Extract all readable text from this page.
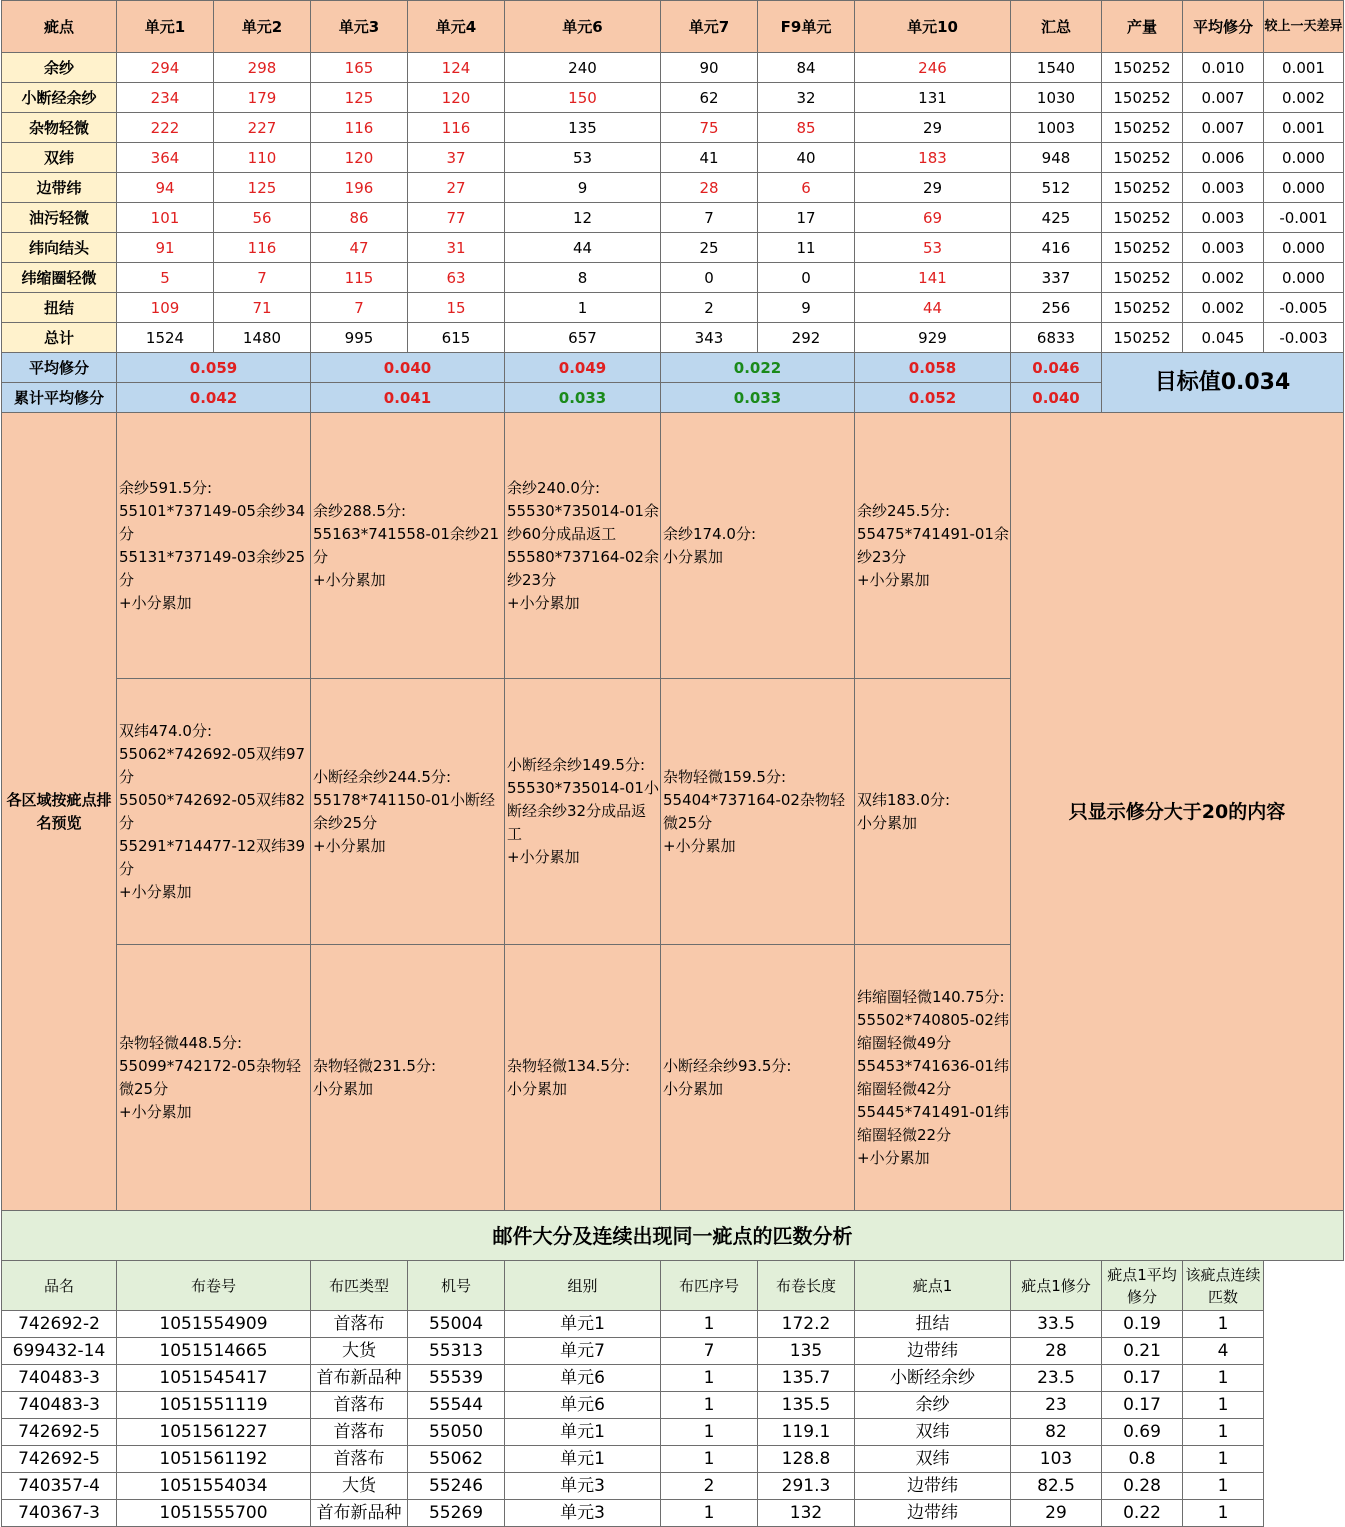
疵点	单元1	单元2	单元3	单元4	单元6	单元7	F9单元	单元10	汇总	产量	平均修分	较上一天差异
余纱	294	298	165	124	240	90	84	246	1540	150252	0.010	0.001
小断经余纱	234	179	125	120	150	62	32	131	1030	150252	0.007	0.002
杂物轻微	222	227	116	116	135	75	85	29	1003	150252	0.007	0.001
双纬	364	110	120	37	53	41	40	183	948	150252	0.006	0.000
边带纬	94	125	196	27	9	28	6	29	512	150252	0.003	0.000
油污轻微	101	56	86	77	12	7	17	69	425	150252	0.003	-0.001
纬向结头	91	116	47	31	44	25	11	53	416	150252	0.003	0.000
纬缩圈轻微	5	7	115	63	8	0	0	141	337	150252	0.002	0.000
扭结	109	71	7	15	1	2	9	44	256	150252	0.002	-0.005
总计	1524	1480	995	615	657	343	292	929	6833	150252	0.045	-0.003
平均修分	0.059		0.040		0.049	0.022		0.058	0.046	目标值0.034		
累计平均修分	0.042		0.041		0.033	0.033		0.052	0.040			
各区域按疵点排名预览	余纱591.5分:
55101*737149-05余纱34分
55131*737149-03余纱25分
+小分累加		余纱288.5分:
55163*741558-01余纱21分
+小分累加		余纱240.0分:
55530*735014-01余纱60分成品返工
55580*737164-02余纱23分
+小分累加	余纱174.0分:
小分累加		余纱245.5分:
55475*741491-01余纱23分
+小分累加	只显示修分大于20的内容			

	双纬474.0分:
55062*742692-05双纬97分
55050*742692-05双纬82分
55291*714477-12双纬39分
+小分累加		小断经余纱244.5分:
55178*741150-01小断经余纱25分
+小分累加		小断经余纱149.5分:
55530*735014-01小断经余纱32分成品返工
+小分累加	杂物轻微159.5分:
55404*737164-02杂物轻微25分
+小分累加		双纬183.0分:
小分累加				

	杂物轻微448.5分:
55099*742172-05杂物轻微25分
+小分累加		杂物轻微231.5分:
小分累加		杂物轻微134.5分:
小分累加	小断经余纱93.5分:
小分累加		纬缩圈轻微140.75分:
55502*740805-02纬缩圈轻微49分
55453*741636-01纬缩圈轻微42分
55445*741491-01纬缩圈轻微22分
+小分累加				

邮件大分及连续出现同一疵点的匹数分析												
品名	布卷号		布匹类型	机号	组别	布匹序号	布卷长度	疵点1	疵点1修分	疵点1平均修分	该疵点连续匹数	
742692-2	1051554909		首落布	55004	单元1	1	172.2	扭结	33.5	0.19	1	
699432-14	1051514665		大货	55313	单元7	7	135	边带纬	28	0.21	4	
740483-3	1051545417		首布新品种	55539	单元6	1	135.7	小断经余纱	23.5	0.17	1	
740483-3	1051551119		首落布	55544	单元6	1	135.5	余纱	23	0.17	1	
742692-5	1051561227		首落布	55050	单元1	1	119.1	双纬	82	0.69	1	
742692-5	1051561192		首落布	55062	单元1	1	128.8	双纬	103	0.8	1	
740357-4	1051554034		大货	55246	单元3	2	291.3	边带纬	82.5	0.28	1	
740367-3	1051555700		首布新品种	55269	单元3	1	132	边带纬	29	0.22	1	
